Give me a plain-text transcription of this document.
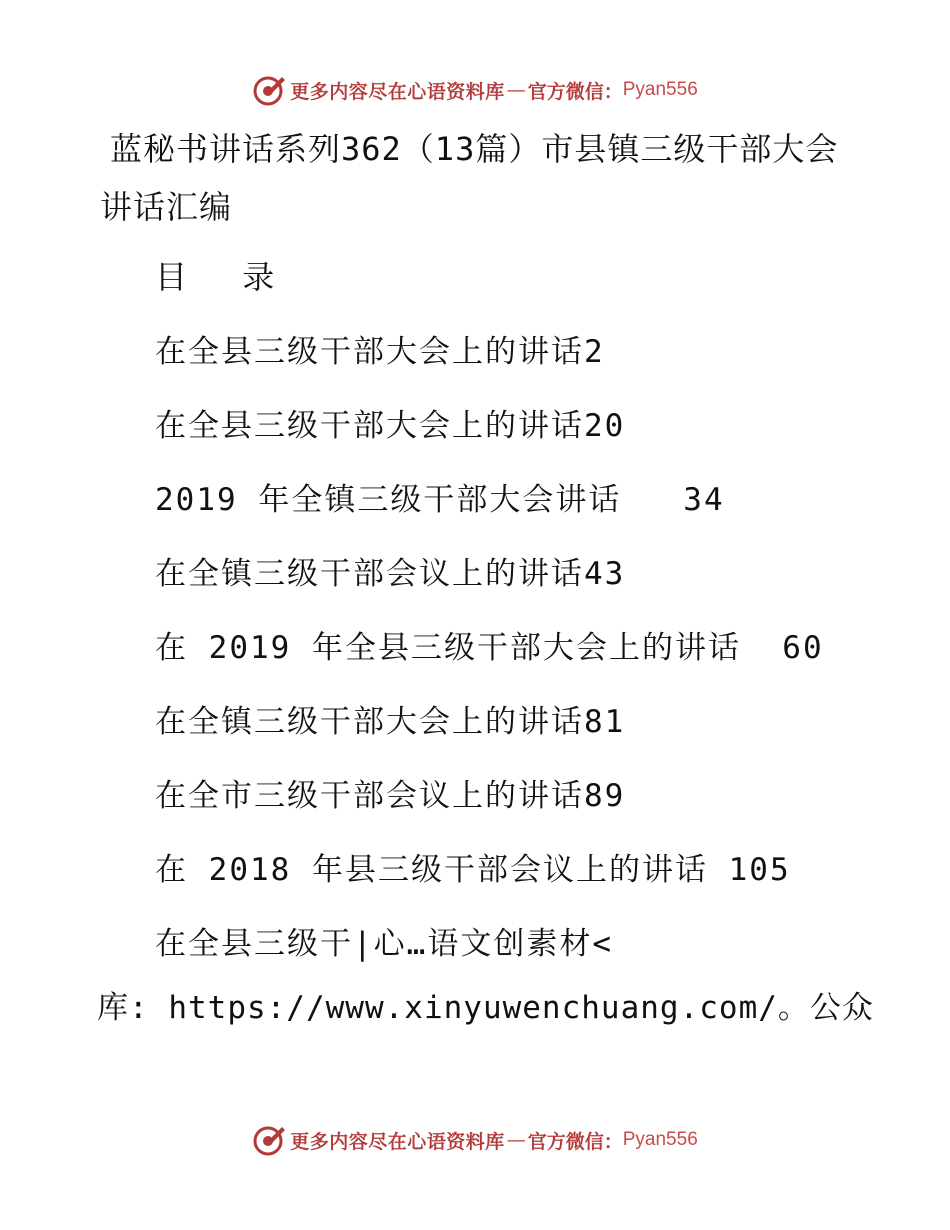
更多内容尽在心语资料库 — 官方微信： Pyan556
蓝秘书讲话系列362（13篇）市县镇三级干部大会讲话汇编
目 录
在全县三级干部大会上的讲话2
在全县三级干部大会上的讲话20
2019 年全镇三级干部大会讲话   34
在全镇三级干部会议上的讲话43
在 2019 年全县三级干部大会上的讲话  60
在全镇三级干部大会上的讲话81
在全市三级干部会议上的讲话89
在 2018 年县三级干部会议上的讲话 105
在全县三级干|心…语文创素材<
库: https://www.xinyuwenchuang.com/。公众
更多内容尽在心语资料库 — 官方微信： Pyan556
